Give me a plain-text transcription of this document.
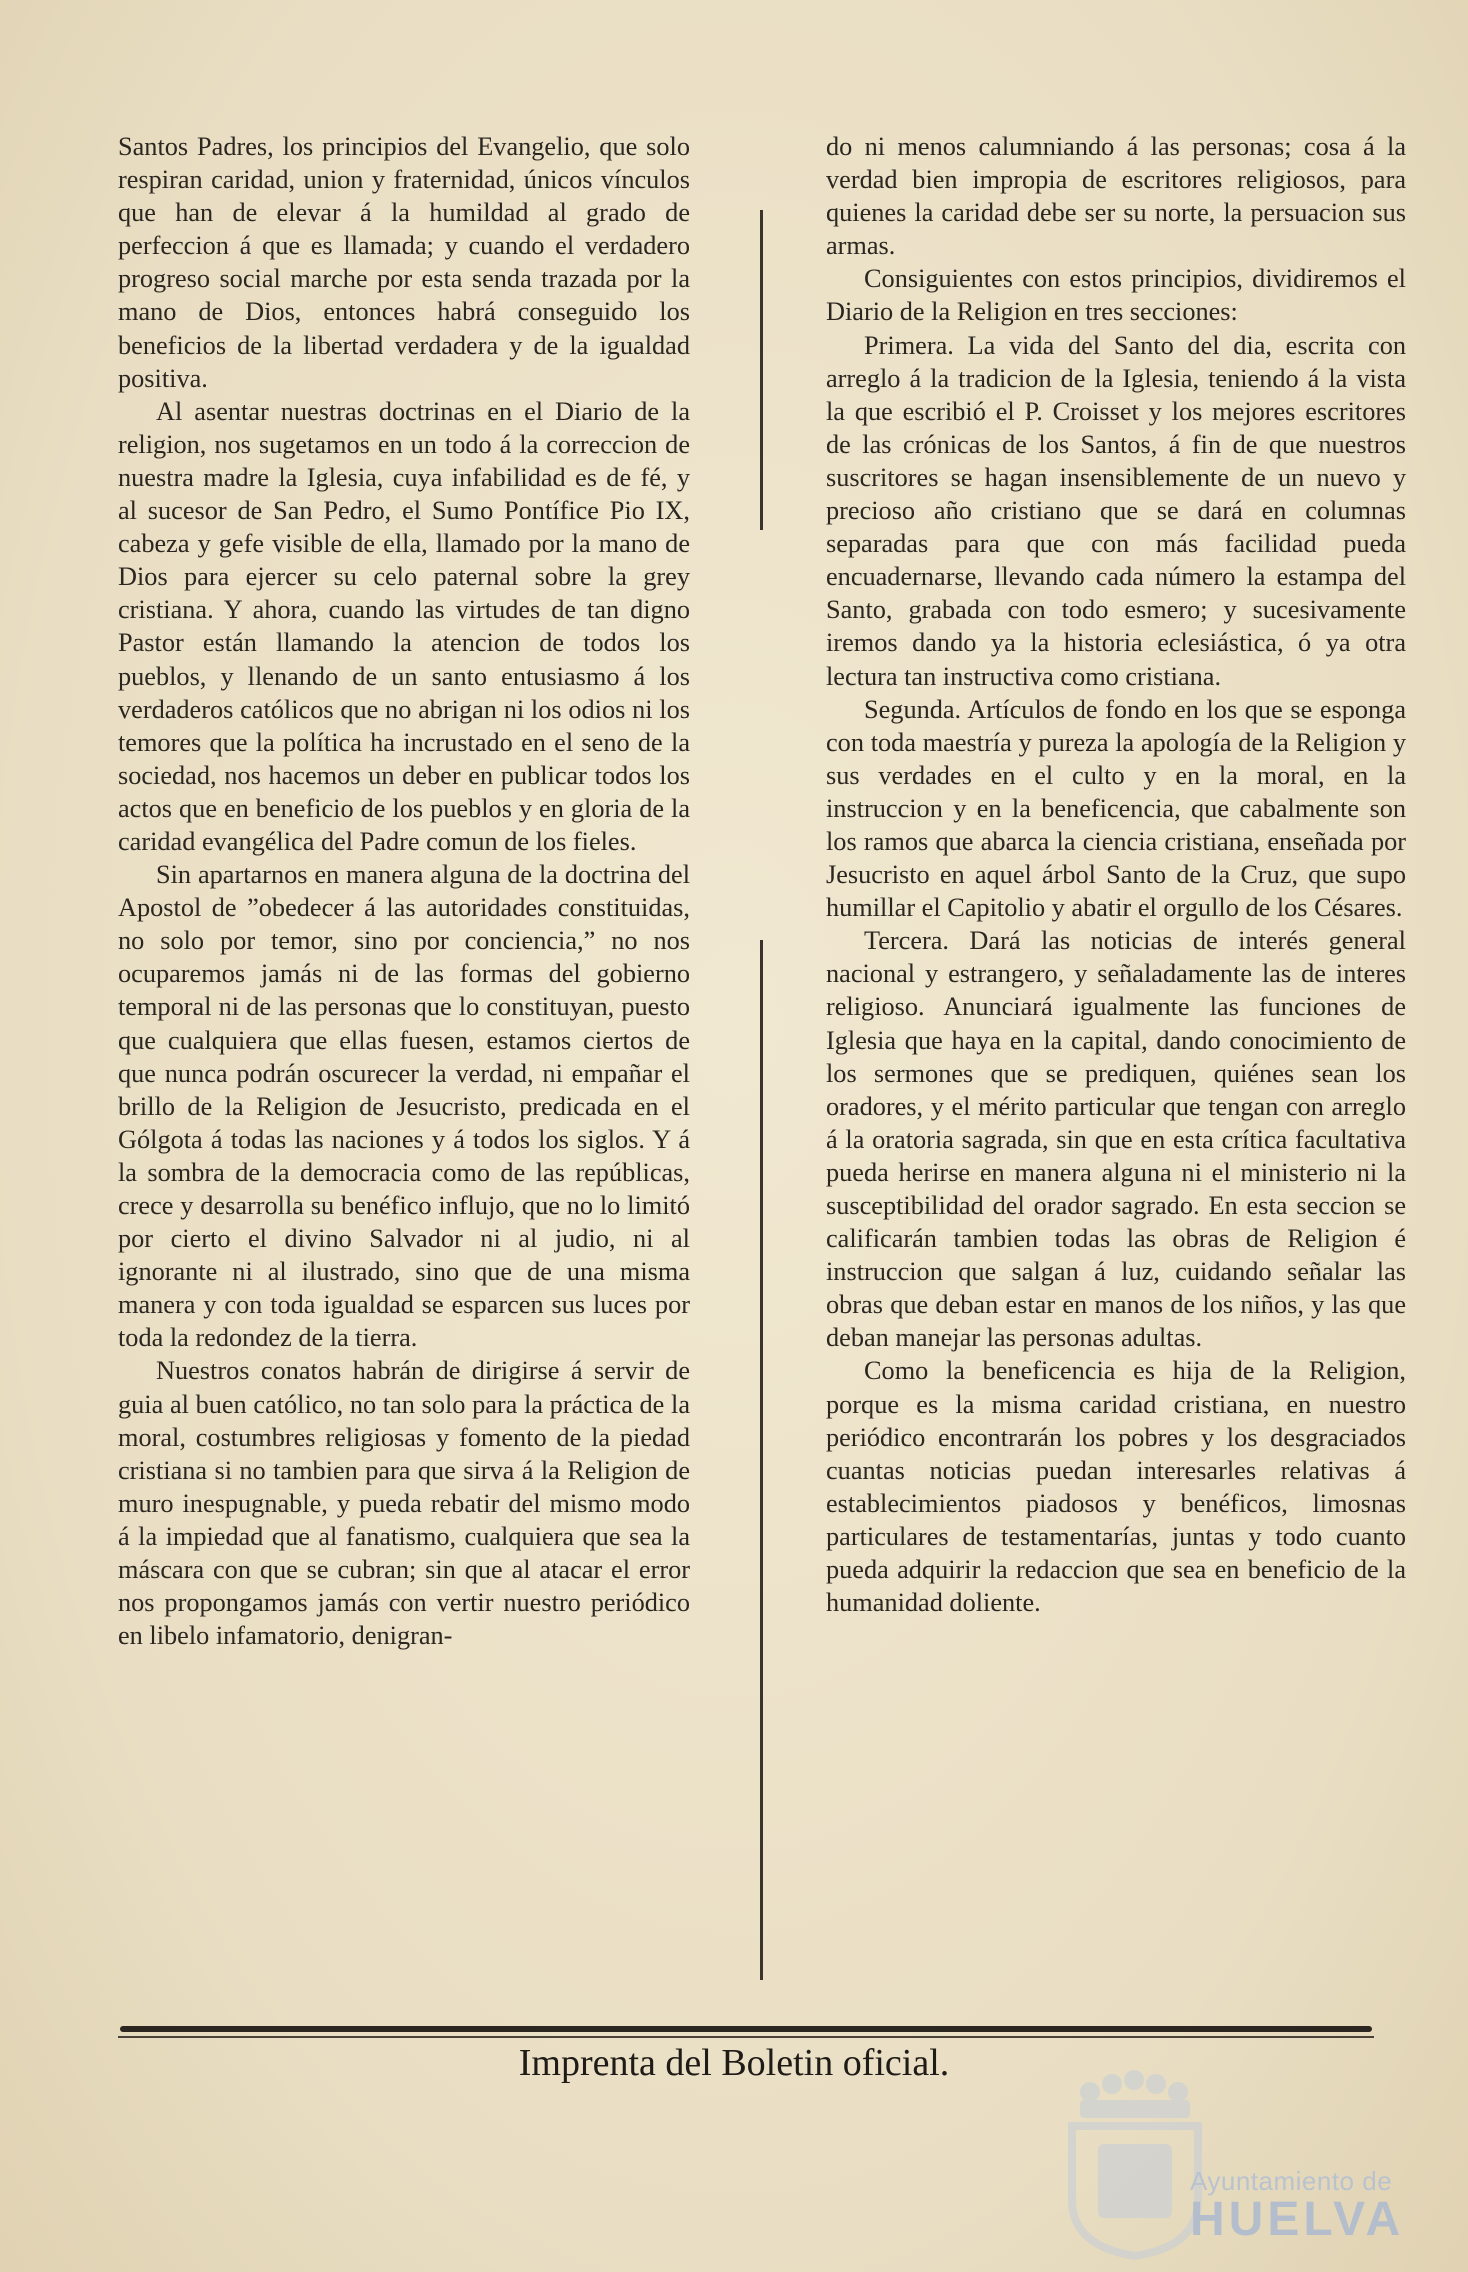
Santos Padres, los principios del Evangelio, que solo respiran caridad, union y fraternidad, únicos vínculos que han de elevar á la humildad al grado de perfeccion á que es llamada; y cuando el verdadero progreso social marche por esta senda trazada por la mano de Dios, entonces habrá conseguido los beneficios de la libertad verdadera y de la igualdad positiva.

Al asentar nuestras doctrinas en el Diario de la religion, nos sugetamos en un todo á la correccion de nuestra madre la Iglesia, cuya infabilidad es de fé, y al sucesor de San Pedro, el Sumo Pontífice Pio IX, cabeza y gefe visible de ella, llamado por la mano de Dios para ejercer su celo paternal sobre la grey cristiana. Y ahora, cuando las virtudes de tan digno Pastor están llamando la atencion de todos los pueblos, y llenando de un santo entusiasmo á los verdaderos católicos que no abrigan ni los odios ni los temores que la política ha incrustado en el seno de la sociedad, nos hacemos un deber en publicar todos los actos que en beneficio de los pueblos y en gloria de la caridad evangélica del Padre comun de los fieles.

Sin apartarnos en manera alguna de la doctrina del Apostol de ”obedecer á las autoridades constituidas, no solo por temor, sino por conciencia,” no nos ocuparemos jamás ni de las formas del gobierno temporal ni de las personas que lo constituyan, puesto que cualquiera que ellas fuesen, estamos ciertos de que nunca podrán oscurecer la verdad, ni empañar el brillo de la Religion de Jesucristo, predicada en el Gólgota á todas las naciones y á todos los siglos. Y á la sombra de la democracia como de las repúblicas, crece y desarrolla su benéfico influjo, que no lo limitó por cierto el divino Salvador ni al judio, ni al ignorante ni al ilustrado, sino que de una misma manera y con toda igualdad se esparcen sus luces por toda la redondez de la tierra.

Nuestros conatos habrán de dirigirse á servir de guia al buen católico, no tan solo para la práctica de la moral, costumbres religiosas y fomento de la piedad cristiana si no tambien para que sirva á la Religion de muro inespugnable, y pueda rebatir del mismo modo á la impiedad que al fanatismo, cualquiera que sea la máscara con que se cubran; sin que al atacar el error nos propongamos jamás con vertir nuestro periódico en libelo infamatorio, denigran-

do ni menos calumniando á las personas; cosa á la verdad bien impropia de escritores religiosos, para quienes la caridad debe ser su norte, la persuacion sus armas.

Consiguientes con estos principios, dividiremos el Diario de la Religion en tres secciones:

Primera. La vida del Santo del dia, escrita con arreglo á la tradicion de la Iglesia, teniendo á la vista la que escribió el P. Croisset y los mejores escritores de las crónicas de los Santos, á fin de que nuestros suscritores se hagan insensiblemente de un nuevo y precioso año cristiano que se dará en columnas separadas para que con más facilidad pueda encuadernarse, llevando cada número la estampa del Santo, grabada con todo esmero; y sucesivamente iremos dando ya la historia eclesiástica, ó ya otra lectura tan instructiva como cristiana.

Segunda. Artículos de fondo en los que se esponga con toda maestría y pureza la apología de la Religion y sus verdades en el culto y en la moral, en la instruccion y en la beneficencia, que cabalmente son los ramos que abarca la ciencia cristiana, enseñada por Jesucristo en aquel árbol Santo de la Cruz, que supo humillar el Capitolio y abatir el orgullo de los Césares.

Tercera. Dará las noticias de interés general nacional y estrangero, y señaladamente las de interes religioso. Anunciará igualmente las funciones de Iglesia que haya en la capital, dando conocimiento de los sermones que se prediquen, quiénes sean los oradores, y el mérito particular que tengan con arreglo á la oratoria sagrada, sin que en esta crítica facultativa pueda herirse en manera alguna ni el ministerio ni la susceptibilidad del orador sagrado. En esta seccion se calificarán tambien todas las obras de Religion é instruccion que salgan á luz, cuidando señalar las obras que deban estar en manos de los niños, y las que deban manejar las personas adultas.

Como la beneficencia es hija de la Religion, porque es la misma caridad cristiana, en nuestro periódico encontrarán los pobres y los desgraciados cuantas noticias puedan interesarles relativas á establecimientos piadosos y benéficos, limosnas particulares de testamentarías, juntas y todo cuanto pueda adquirir la redaccion que sea en beneficio de la humanidad doliente.

Imprenta del Boletin oficial.
Ayuntamiento de
HUELVA
